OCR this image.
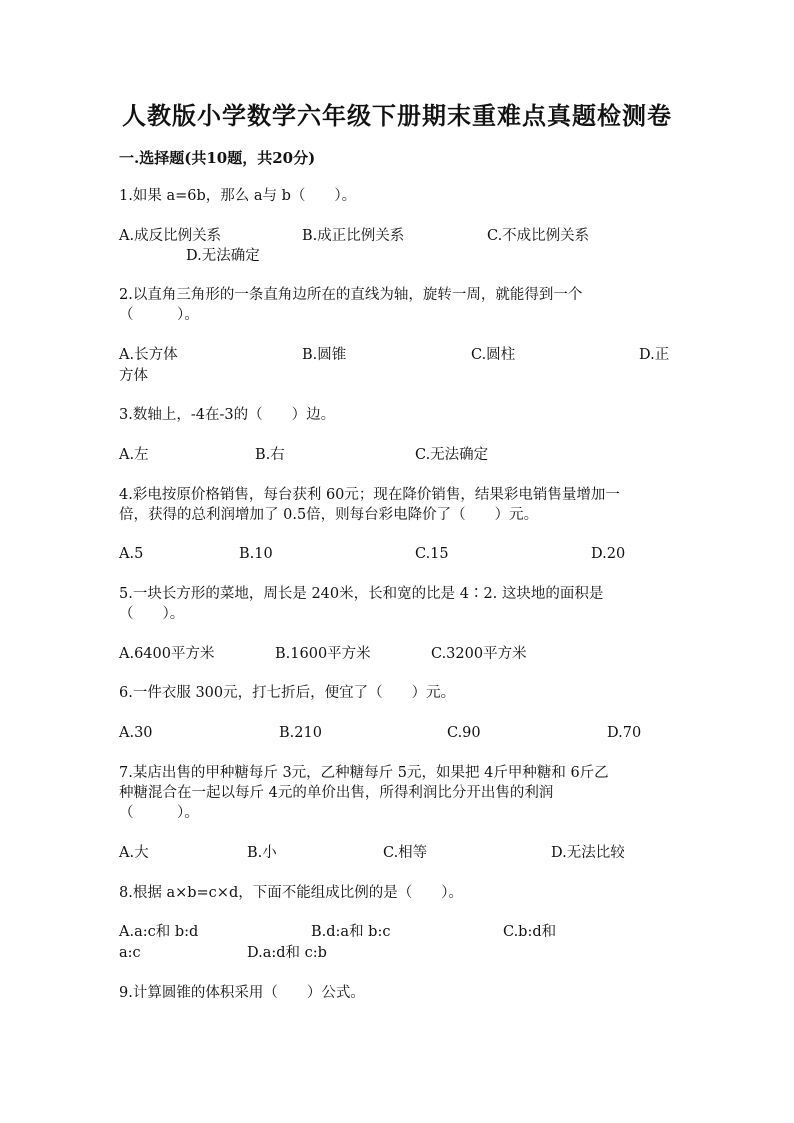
人教版小学数学六年级下册期末重难点真题检测卷
一.选择题(共10题，共20分)
1.如果 a=6b，那么 a与 b（　　）。
A.成反比例关系	B.成正比例关系	C.不成比例关系
D.无法确定
2.以直角三角形的一条直角边所在的直线为轴，旋转一周，就能得到一个
（　　　）。
A.长方体	B.圆锥	C.圆柱	D.正
方体
3.数轴上，-4在-3的（　　）边。
A.左	B.右	C.无法确定
4.彩电按原价格销售，每台获利 60元；现在降价销售，结果彩电销售量增加一
倍，获得的总利润增加了 0.5倍，则每台彩电降价了（　　）元。
A.5	B.10	C.15	D.20
5.一块长方形的菜地，周长是 240米，长和宽的比是 4∶2. 这块地的面积是
（　　）。
A.6400平方米	B.1600平方米	C.3200平方米
6.一件衣服 300元，打七折后，便宜了（　　）元。
A.30	B.210	C.90	D.70
7.某店出售的甲种糖每斤 3元，乙种糖每斤 5元，如果把 4斤甲种糖和 6斤乙
种糖混合在一起以每斤 4元的单价出售，所得利润比分开出售的利润
（　　　）。
A.大	B.小	C.相等	D.无法比较
8.根据 a×b=c×d，下面不能组成比例的是（　　）。
A.a:c和 b:d	B.d:a和 b:c	C.b:d和
a:c	D.a:d和 c:b
9.计算圆锥的体积采用（　　）公式。
